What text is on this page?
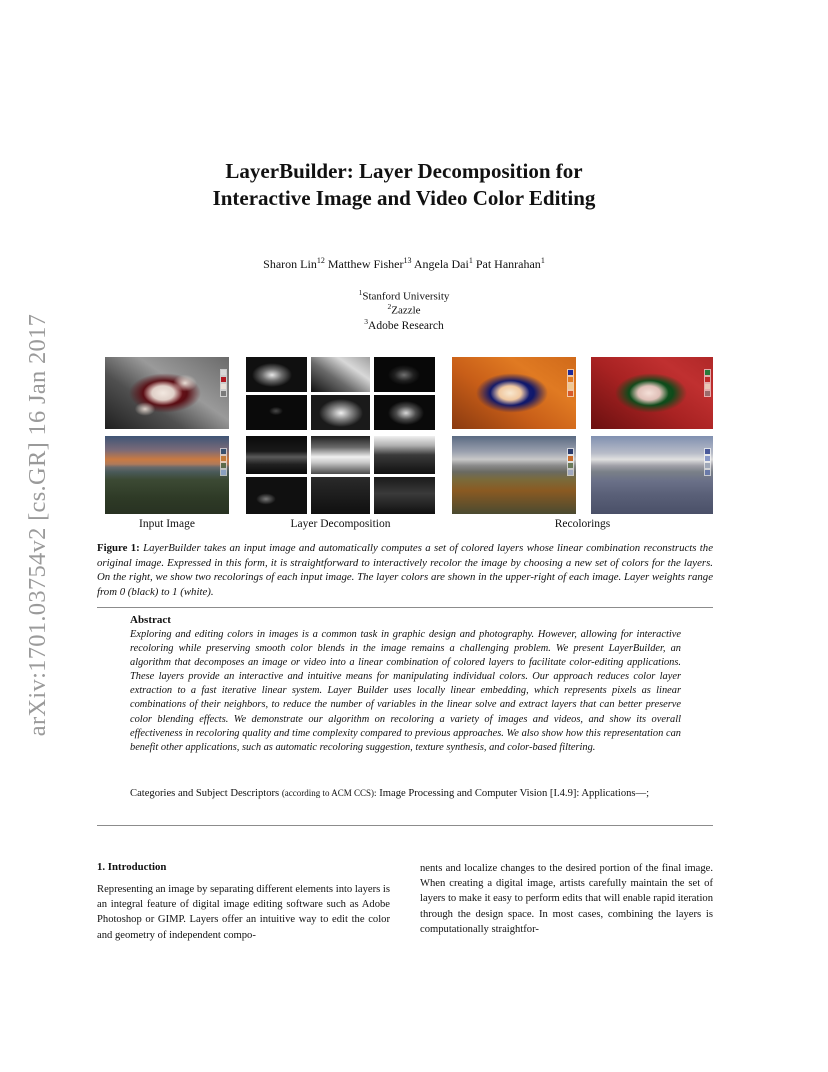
arXiv:1701.03754v2 [cs.GR] 16 Jan 2017
LayerBuilder: Layer Decomposition for
Interactive Image and Video Color Editing
Sharon Lin$^{12}$ Matthew Fisher$^{13}$ Angela Dai$^1$ Pat Hanrahan$^1$
$^1$Stanford University
$^2$Zazzle
$^3$Adobe Research
Input Image	Layer Decomposition	Recolorings
Figure 1: LayerBuilder takes an input image and automatically computes a set of colored layers whose linear combination reconstructs the original image. Expressed in this form, it is straightforward to interactively recolor the image by choosing a new set of colors for the layers. On the right, we show two recolorings of each input image. The layer colors are shown in the upper-right of each image. Layer weights range from 0 (black) to 1 (white).
Abstract
Exploring and editing colors in images is a common task in graphic design and photography. However, allowing for interactive recoloring while preserving smooth color blends in the image remains a challenging problem. We present LayerBuilder, an algorithm that decomposes an image or video into a linear combination of colored layers to facilitate color-editing applications. These layers provide an interactive and intuitive means for manipulating individual colors. Our approach reduces color layer extraction to a fast iterative linear system. Layer Builder uses locally linear embedding, which represents pixels as linear combinations of their neighbors, to reduce the number of variables in the linear solve and extract layers that can better preserve color blending effects. We demonstrate our algorithm on recoloring a variety of images and videos, and show its overall effectiveness in recoloring quality and time complexity compared to previous approaches. We also show how this representation can benefit other applications, such as automatic recoloring suggestion, texture synthesis, and color-based filtering.
Categories and Subject Descriptors (according to ACM CCS): Image Processing and Computer Vision [I.4.9]: Applications—;
1. Introduction
Representing an image by separating different elements into layers is an integral feature of digital image editing software such as Adobe Photoshop or GIMP. Layers offer an intuitive way to edit the color and geometry of independent compo-
nents and localize changes to the desired portion of the final image. When creating a digital image, artists carefully maintain the set of layers to make it easy to perform edits that will enable rapid iteration through the design space. In most cases, combining the layers is computationally straightfor-
